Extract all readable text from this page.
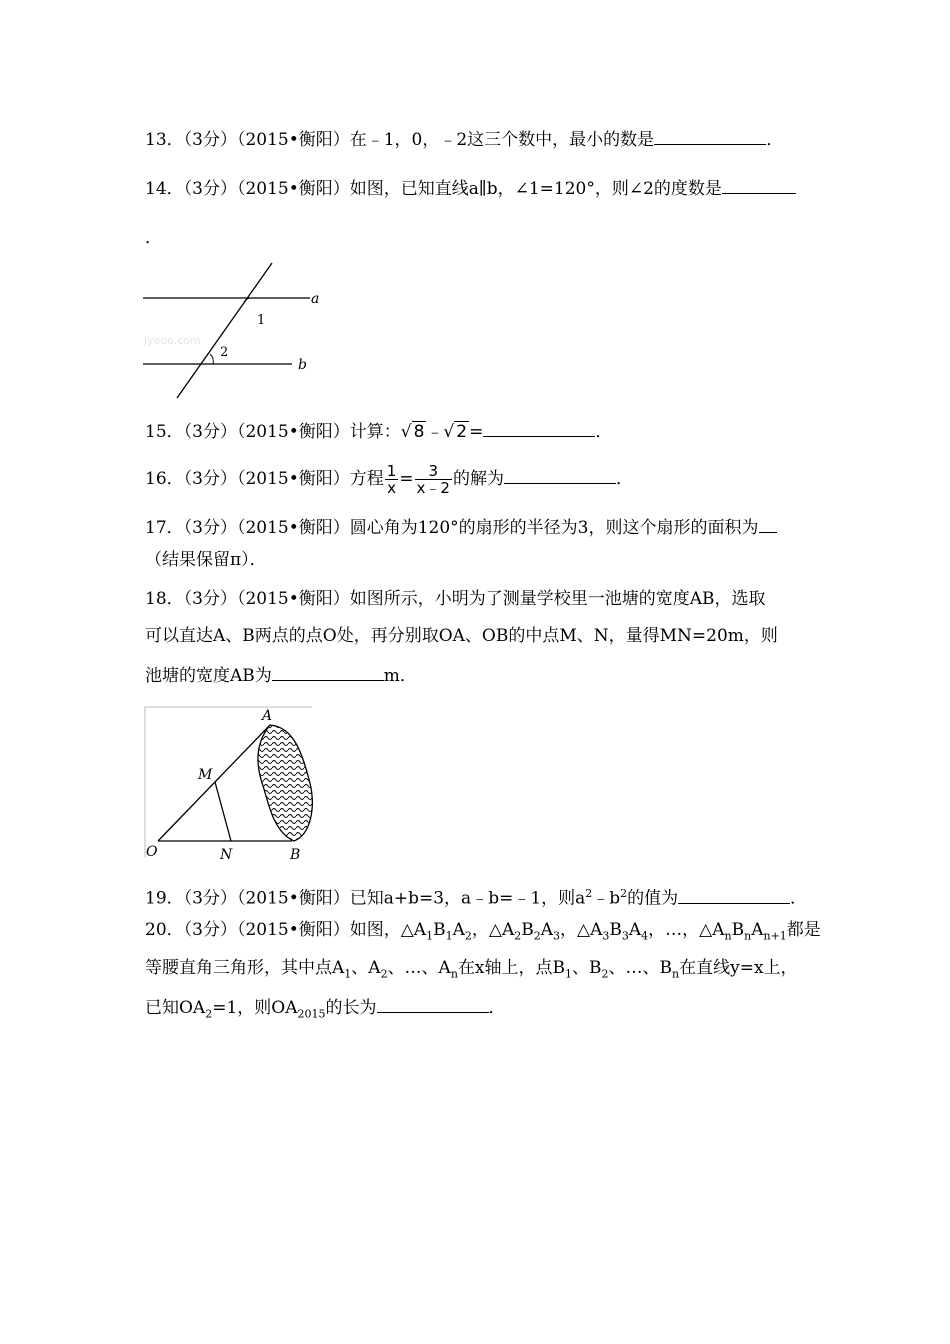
13．（3分）（2015•衡阳）在﹣1，0，﹣2这三个数中，最小的数是	．
14．（3分）（2015•衡阳）如图，已知直线a∥b，∠1=120°，则∠2的度数是
．
jyeoo.com
a
b
1
2
15．（3分）（2015•衡阳）计算：√ 8 ﹣√ 2 =	．
16．（3分）（2015•衡阳）方程 $\frac{1}{x} = \frac{3}{x﹣2}$ 的解为	．
17．（3分）（2015•衡阳）圆心角为120°的扇形的半径为3，则这个扇形的面积为
（结果保留π）．
18．（3分）（2015•衡阳）如图所示，小明为了测量学校里一池塘的宽度AB，选取
可以直达A、B两点的点O处，再分别取OA、OB的中点M、N，量得MN=20m，则
池塘的宽度AB为	m．
A
B
O
M
N
19．（3分）（2015•衡阳）已知a+b=3，a﹣b=﹣1，则$a^2﹣b^2$的值为	．
20．（3分）（2015•衡阳）如图，$\triangle A_1B_1A_2$，$\triangle A_2B_2A_3$，$\triangle A_3B_3A_4$，…，$\triangle A_nB_nA_{n+1}$都是
等腰直角三角形，其中点$A_1$、$A_2$、…、$A_n$在x轴上，点$B_1$、$B_2$、…、$B_n$在直线y=x上，
已知$OA_2=1$，则$OA_{2015}$的长为	．
